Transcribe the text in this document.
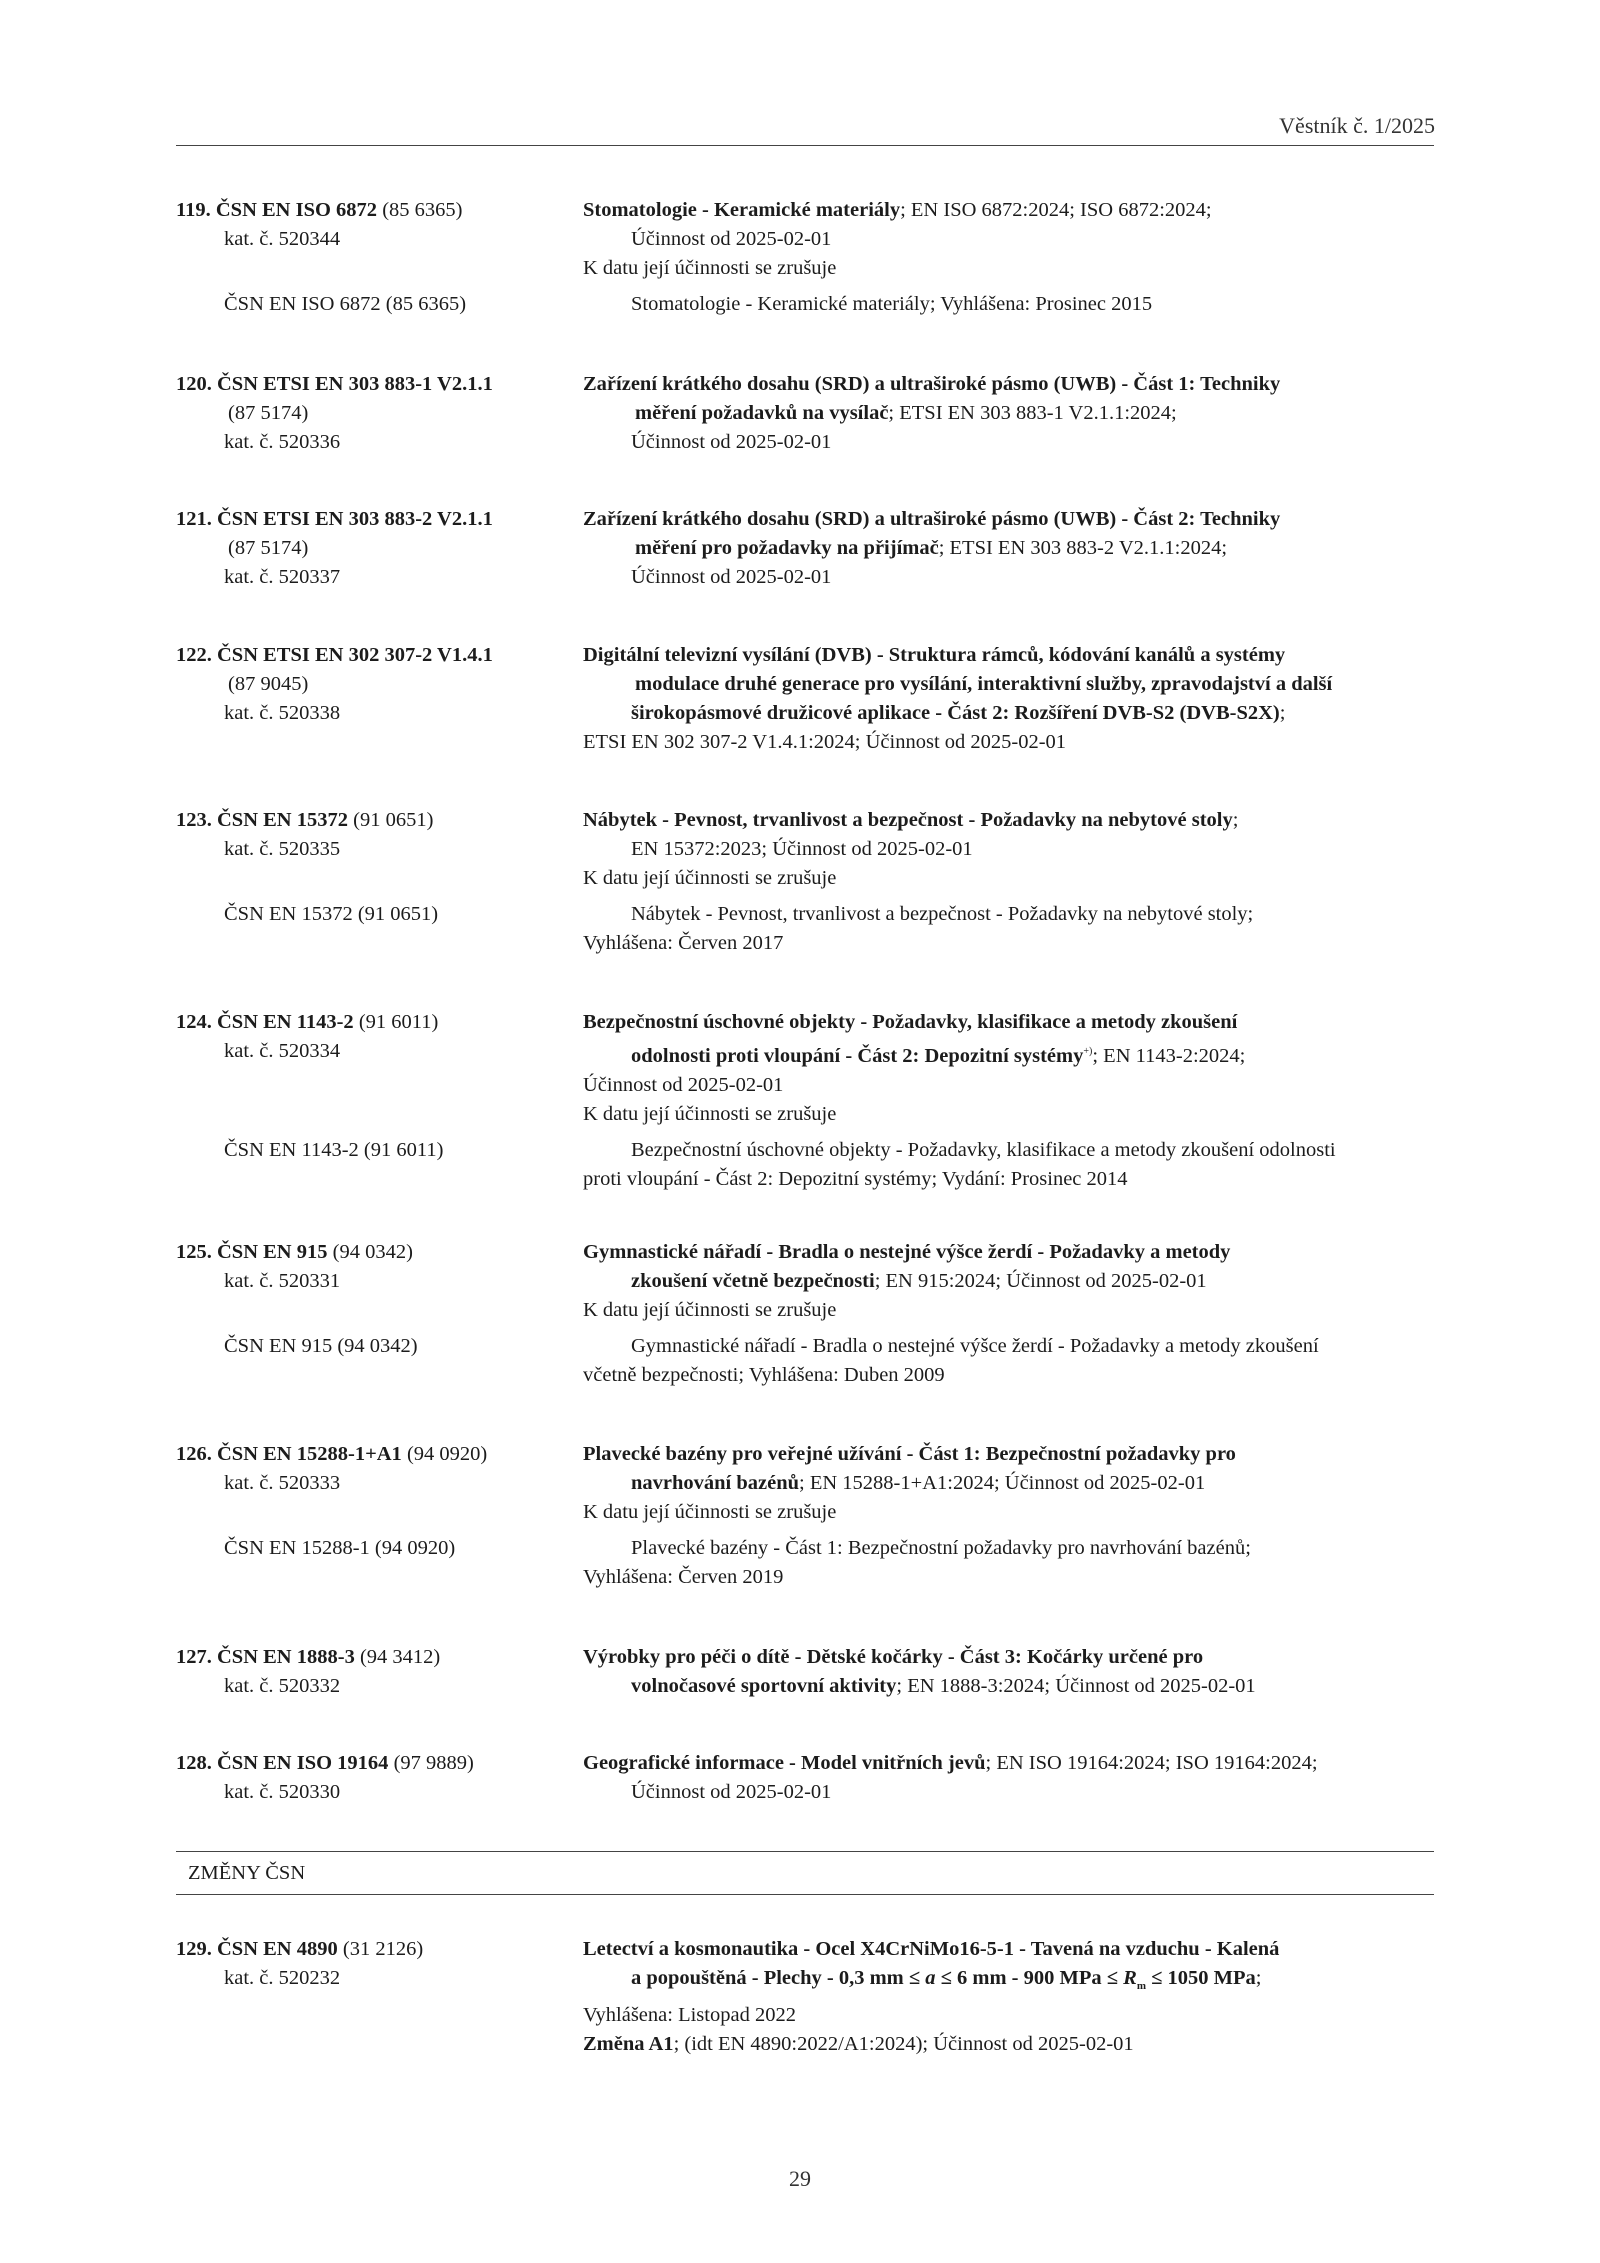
Věstník č. 1/2025
119. ČSN EN ISO 6872 (85 6365)	Stomatologie - Keramické materiály; EN ISO 6872:2024; ISO 6872:2024;
kat. č. 520344	Účinnost od 2025-02-01
K datu její účinnosti se zrušuje
ČSN EN ISO 6872 (85 6365)	Stomatologie - Keramické materiály; Vyhlášena: Prosinec 2015
120. ČSN ETSI EN 303 883-1 V2.1.1	Zařízení krátkého dosahu (SRD) a ultraširoké pásmo (UWB) - Část 1: Techniky
(87 5174)	měření požadavků na vysílač; ETSI EN 303 883-1 V2.1.1:2024;
kat. č. 520336	Účinnost od 2025-02-01
121. ČSN ETSI EN 303 883-2 V2.1.1	Zařízení krátkého dosahu (SRD) a ultraširoké pásmo (UWB) - Část 2: Techniky
(87 5174)	měření pro požadavky na přijímač; ETSI EN 303 883-2 V2.1.1:2024;
kat. č. 520337	Účinnost od 2025-02-01
122. ČSN ETSI EN 302 307-2 V1.4.1	Digitální televizní vysílání (DVB) - Struktura rámců, kódování kanálů a systémy
(87 9045)	modulace druhé generace pro vysílání, interaktivní služby, zpravodajství a další
kat. č. 520338	širokopásmové družicové aplikace - Část 2: Rozšíření DVB-S2 (DVB-S2X);
ETSI EN 302 307-2 V1.4.1:2024; Účinnost od 2025-02-01
123. ČSN EN 15372 (91 0651)	Nábytek - Pevnost, trvanlivost a bezpečnost - Požadavky na nebytové stoly;
kat. č. 520335	EN 15372:2023; Účinnost od 2025-02-01
K datu její účinnosti se zrušuje
ČSN EN 15372 (91 0651)	Nábytek - Pevnost, trvanlivost a bezpečnost - Požadavky na nebytové stoly;
Vyhlášena: Červen 2017
124. ČSN EN 1143-2 (91 6011)	Bezpečnostní úschovné objekty - Požadavky, klasifikace a metody zkoušení
kat. č. 520334	odolnosti proti vloupání - Část 2: Depozitní systémy+); EN 1143-2:2024;
Účinnost od 2025-02-01
K datu její účinnosti se zrušuje
ČSN EN 1143-2 (91 6011)	Bezpečnostní úschovné objekty - Požadavky, klasifikace a metody zkoušení odolnosti
proti vloupání - Část 2: Depozitní systémy; Vydání: Prosinec 2014
125. ČSN EN 915 (94 0342)	Gymnastické nářadí - Bradla o nestejné výšce žerdí - Požadavky a metody
kat. č. 520331	zkoušení včetně bezpečnosti; EN 915:2024; Účinnost od 2025-02-01
K datu její účinnosti se zrušuje
ČSN EN 915 (94 0342)	Gymnastické nářadí - Bradla o nestejné výšce žerdí - Požadavky a metody zkoušení
včetně bezpečnosti; Vyhlášena: Duben 2009
126. ČSN EN 15288-1+A1 (94 0920)	Plavecké bazény pro veřejné užívání - Část 1: Bezpečnostní požadavky pro
kat. č. 520333	navrhování bazénů; EN 15288-1+A1:2024; Účinnost od 2025-02-01
K datu její účinnosti se zrušuje
ČSN EN 15288-1 (94 0920)	Plavecké bazény - Část 1: Bezpečnostní požadavky pro navrhování bazénů;
Vyhlášena: Červen 2019
127. ČSN EN 1888-3 (94 3412)	Výrobky pro péči o dítě - Dětské kočárky - Část 3: Kočárky určené pro
kat. č. 520332	volnočasové sportovní aktivity; EN 1888-3:2024; Účinnost od 2025-02-01
128. ČSN EN ISO 19164 (97 9889)	Geografické informace - Model vnitřních jevů; EN ISO 19164:2024; ISO 19164:2024;
kat. č. 520330	Účinnost od 2025-02-01
ZMĚNY ČSN
129. ČSN EN 4890 (31 2126)	Letectví a kosmonautika - Ocel X4CrNiMo16-5-1 - Tavená na vzduchu - Kalená
kat. č. 520232	a popouštěná - Plechy - 0,3 mm ≤ a ≤ 6 mm - 900 MPa ≤ $R_m \le 1050$ MPa;
Vyhlášena: Listopad 2022
Změna A1; (idt EN 4890:2022/A1:2024); Účinnost od 2025-02-01
29
